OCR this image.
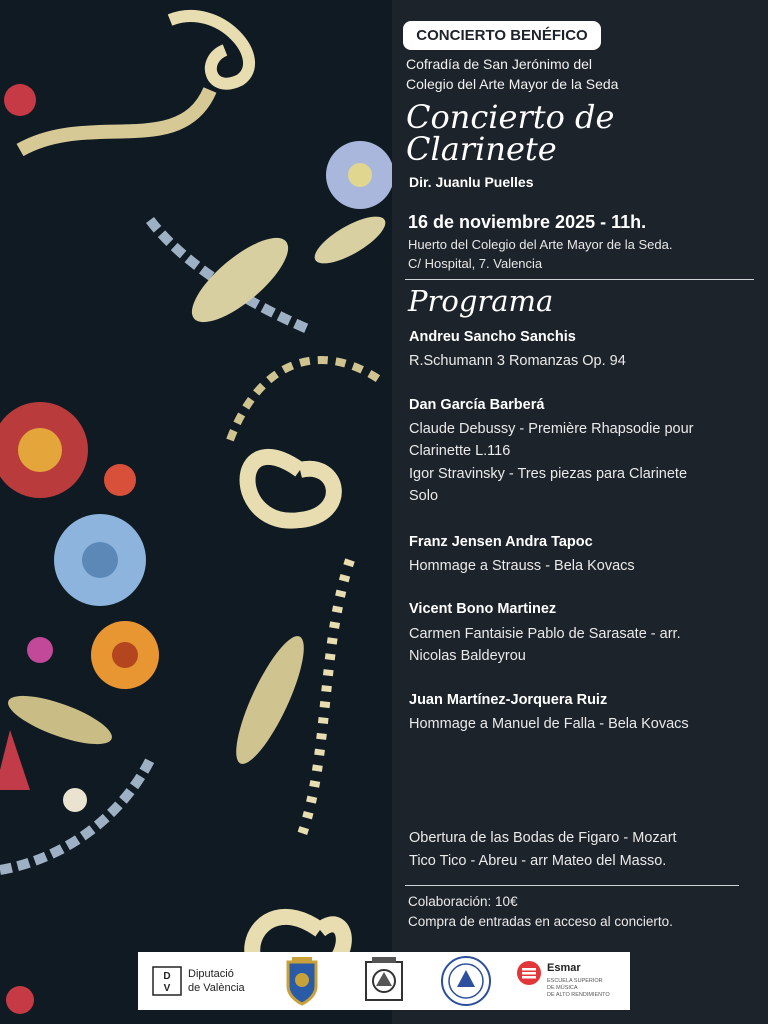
CONCIERTO BENÉFICO
Cofradía de San Jerónimo del
Colegio del Arte Mayor de la Seda
Concierto de
Clarinete
Dir. Juanlu Puelles
16 de noviembre 2025 - 11h.
Huerto del Colegio del Arte Mayor de la Seda.
C/ Hospital, 7. Valencia
Programa
Andreu Sancho Sanchis
R.Schumann 3 Romanzas Op. 94
Dan García Barberá
Claude Debussy - Première Rhapsodie pour
Clarinette L.116
Igor Stravinsky - Tres piezas para Clarinete
Solo
Franz Jensen Andra Tapoc
Hommage a Strauss - Bela Kovacs
Vicent Bono Martinez
Carmen Fantaisie Pablo de Sarasate - arr.
Nicolas Baldeyrou
Juan Martínez-Jorquera Ruiz
Hommage a Manuel de Falla - Bela Kovacs
Obertura de las Bodas de Figaro - Mozart
Tico Tico - Abreu - arr Mateo del Masso.
Colaboración: 10€
Compra de entradas en acceso al concierto.
D
V
Diputació
de València
Esmar
ESCUELA SUPERIOR
DE MÚSICA
DE ALTO RENDIMIENTO
